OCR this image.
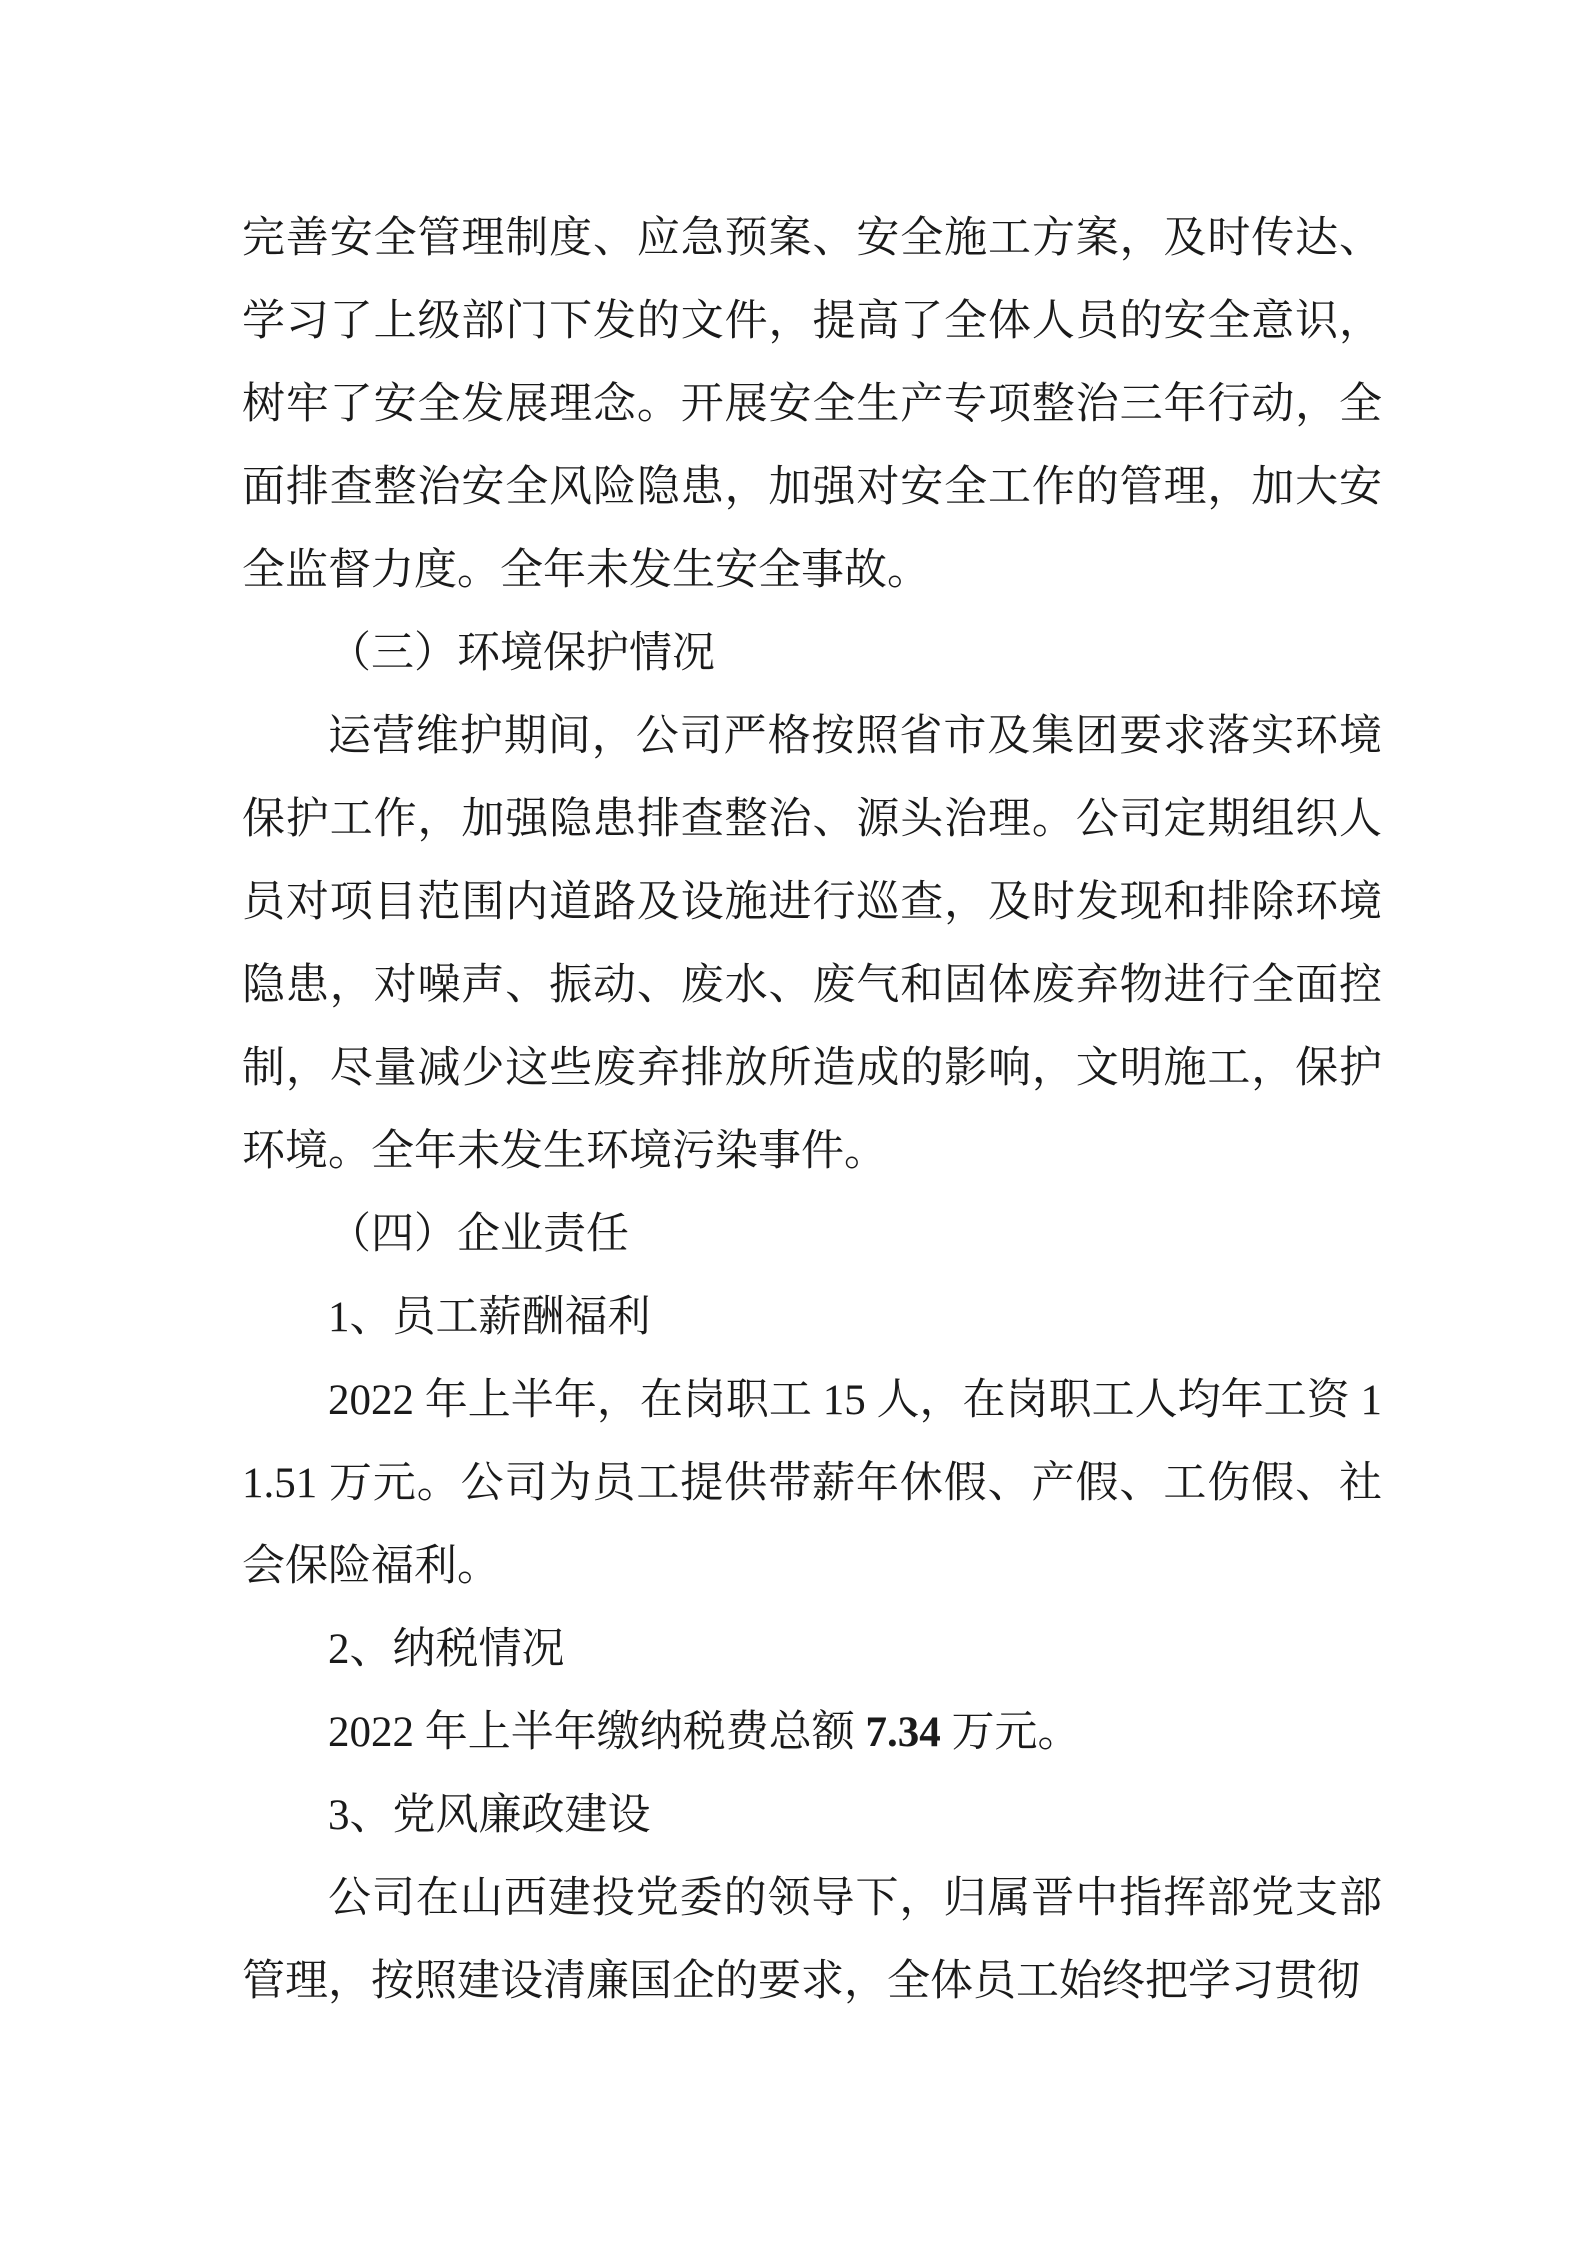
完善安全管理制度、应急预案、安全施工方案，及时传达、学习了上级部门下发的文件，提高了全体人员的安全意识，树牢了安全发展理念。开展安全生产专项整治三年行动，全面排查整治安全风险隐患，加强对安全工作的管理，加大安全监督力度。全年未发生安全事故。

（三）环境保护情况

运营维护期间，公司严格按照省市及集团要求落实环境保护工作，加强隐患排查整治、源头治理。公司定期组织人员对项目范围内道路及设施进行巡查，及时发现和排除环境隐患，对噪声、振动、废水、废气和固体废弃物进行全面控制，尽量减少这些废弃排放所造成的影响，文明施工，保护环境。全年未发生环境污染事件。

（四）企业责任

1、员工薪酬福利

2022 年上半年，在岗职工 15 人，在岗职工人均年工资 11.51 万元。公司为员工提供带薪年休假、产假、工伤假、社会保险福利。

2、纳税情况

2022 年上半年缴纳税费总额 7.34 万元。

3、党风廉政建设

公司在山西建投党委的领导下，归属晋中指挥部党支部管理，按照建设清廉国企的要求，全体员工始终把学习贯彻
